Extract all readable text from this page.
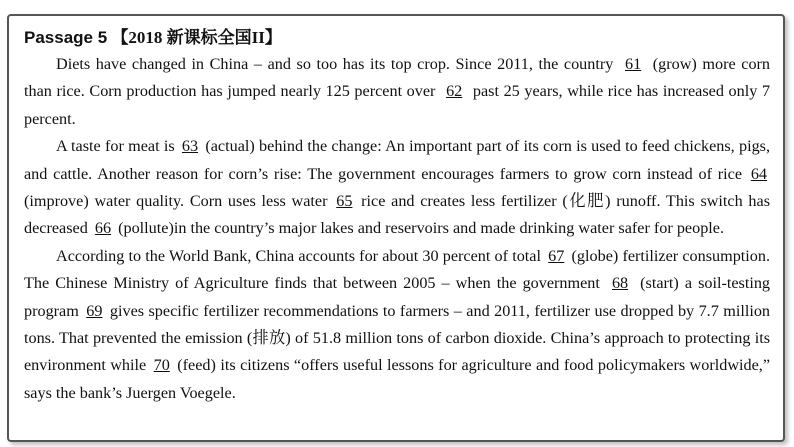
Passage 5 【2018 新课标全国II】

Diets have changed in China – and so too has its top crop. Since 2011, the country 61 (grow) more corn than rice. Corn production has jumped nearly 125 percent over 62 past 25 years, while rice has increased only 7 percent.

A taste for meat is 63 (actual) behind the change: An important part of its corn is used to feed chickens, pigs, and cattle. Another reason for corn’s rise: The government encourages farmers to grow corn instead of rice 64 (improve) water quality. Corn uses less water 65 rice and creates less fertilizer (化肥) runoff. This switch has decreased 66 (pollute)in the country’s major lakes and reservoirs and made drinking water safer for people.

According to the World Bank, China accounts for about 30 percent of total 67 (globe) fertilizer consumption. The Chinese Ministry of Agriculture finds that between 2005 – when the government 68 (start) a soil-testing program 69 gives specific fertilizer recommendations to farmers – and 2011, fertilizer use dropped by 7.7 million tons. That prevented the emission (排放) of 51.8 million tons of carbon dioxide. China’s approach to protecting its environment while 70 (feed) its citizens “offers useful lessons for agriculture and food policymakers worldwide,” says the bank’s Juergen Voegele.
